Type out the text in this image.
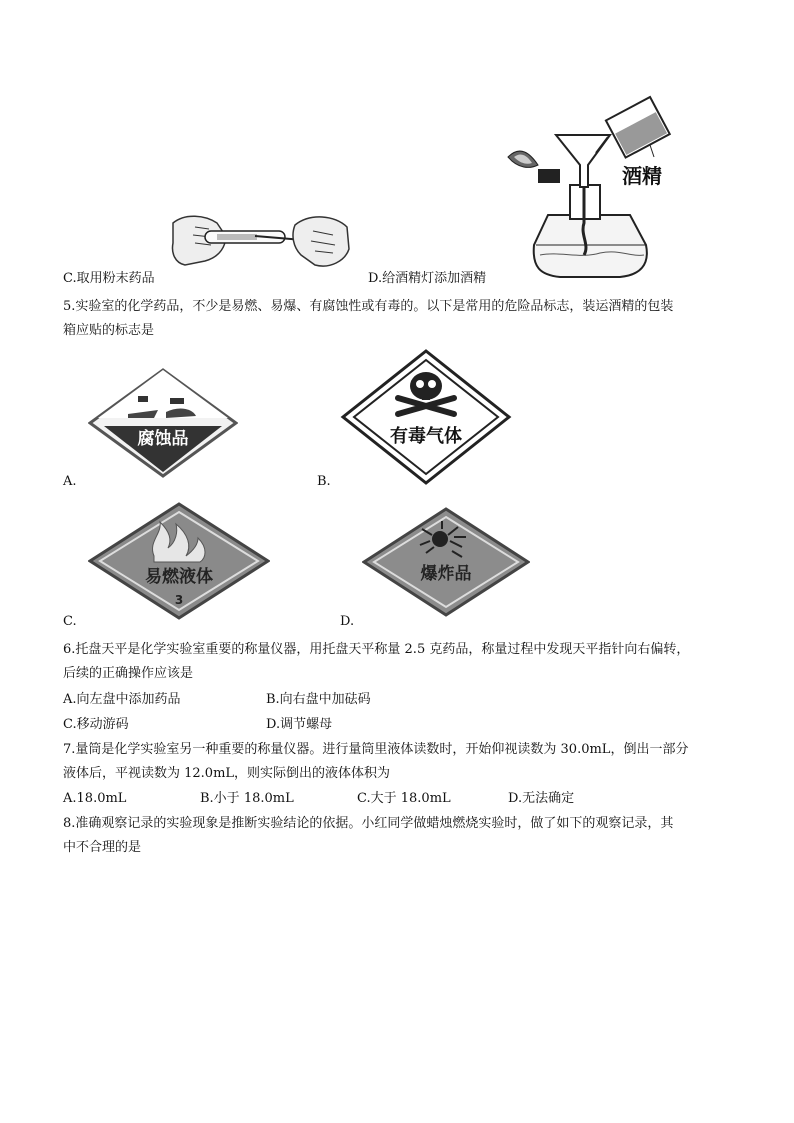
C.取用粉末药品
酒精
D.给酒精灯添加酒精
5.实验室的化学药品，不少是易燃、易爆、有腐蚀性或有毒的。以下是常用的危险品标志，装运酒精的包装
箱应贴的标志是
腐蚀品
A.
有毒气体
B.
易燃液体
3
C.
爆炸品
D.
6.托盘天平是化学实验室重要的称量仪器，用托盘天平称量 2.5 克药品，称量过程中发现天平指针向右偏转，
后续的正确操作应该是
A.向左盘中添加药品	B.向右盘中加砝码
C.移动游码	D.调节螺母
7.量筒是化学实验室另一种重要的称量仪器。进行量筒里液体读数时，开始仰视读数为 30.0mL，倒出一部分
液体后，平视读数为 12.0mL，则实际倒出的液体体积为
A.18.0mL	B.小于 18.0mL	C.大于 18.0mL	D.无法确定
8.准确观察记录的实验现象是推断实验结论的依据。小红同学做蜡烛燃烧实验时，做了如下的观察记录，其
中不合理的是
